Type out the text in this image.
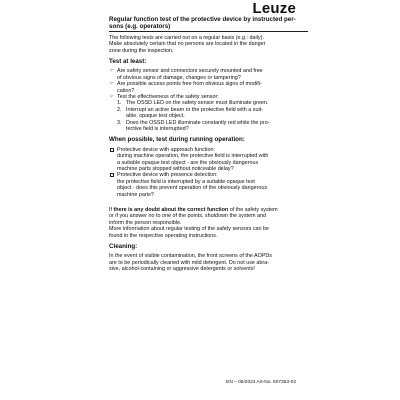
Leuze

Regular function test of the protective device by instructed per-
sons (e.g. operators)

The following tests are carried out on a regular basis (e.g.: daily).
Make absolutely certain that no persons are located in the danger
zone during the inspection.

Test at least:

☞ Are safety sensor and connectors securely mounted and free
of obvious signs of damage, changes or tampering?

☞ Are possible access points free from obvious signs of modifi-
cation?

☞ Test the effectiveness of the safety sensor:

1. The OSSD LED on the safety sensor must illuminate green.

2. Interrupt an active beam or the protective field with a suit-
able, opaque test object.

3. Does the OSSD LED illuminate constantly red while the pro-
tective field is interrupted?

When possible, test during running operation:

Protective device with approach function:
during machine operation, the protective field is interrupted with
a suitable opaque test object - are the obviously dangerous
machine parts stopped without noticeable delay?

Protective device with presence detection:
the protective field is interrupted by a suitable opaque test
object - does this prevent operation of the obviously dangerous
machine parts?

If there is any doubt about the correct function of the safety system
or if you answer no to one of the points, shutdown the system and
inform the person responsible.
More information about regular testing of the safety sensors can be
found in the respective operating instructions.

Cleaning:

In the event of visible contamination, the front screens of the AOPDs
are to be periodically cleaned with mild detergent. Do not use abra-
sive, alcohol-containing or aggressive detergents or solvents!

EN – 06/2024 Art-No. 607353-02
